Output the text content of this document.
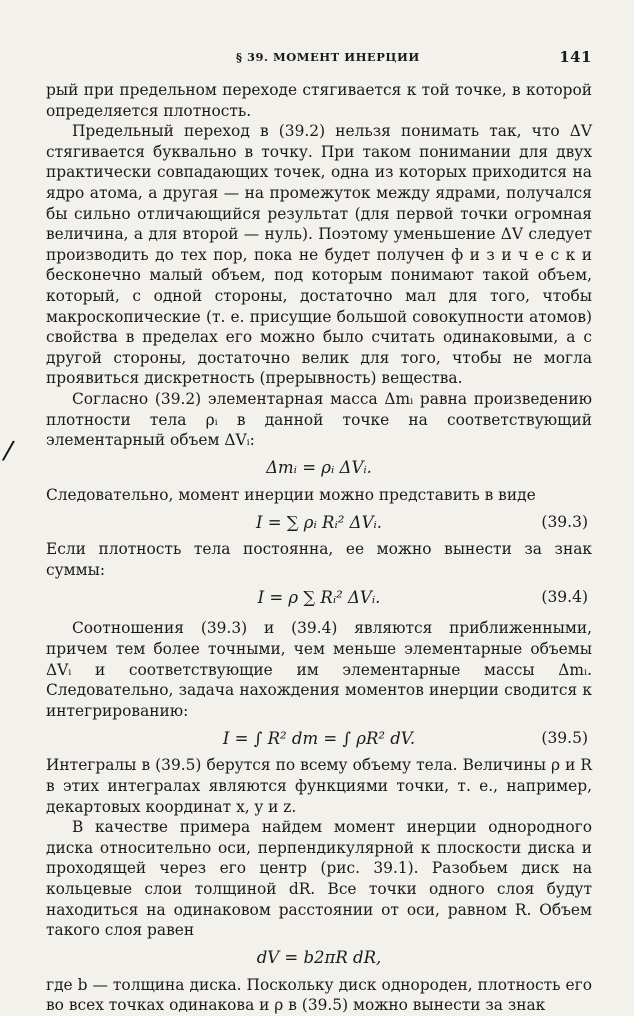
/
§ 39. МОМЕНТ ИНЕРЦИИ	141

рый при предельном переходе стягивается к той точке, в которой определяется плотность.

Предельный переход в (39.2) нельзя понимать так, что ΔV стягивается буквально в точку. При таком понимании для двух практически совпадающих точек, одна из которых приходится на ядро атома, а другая — на промежуток между ядрами, получался бы сильно отличающийся результат (для первой точки огромная величина, а для второй — нуль). Поэтому уменьшение ΔV следует производить до тех пор, пока не будет получен ф и з и ч е с к и бесконечно малый объем, под которым понимают такой объем, который, с одной стороны, достаточно мал для того, чтобы макроскопические (т. е. присущие большой совокупности атомов) свойства в пределах его можно было считать одинаковыми, а с другой стороны, достаточно велик для того, чтобы не могла проявиться дискретность (прерывность) вещества.

Согласно (39.2) элементарная масса Δmᵢ равна произведению плотности тела ρᵢ в данной точке на соответствующий элементарный объем ΔVᵢ:

Δmᵢ = ρᵢ ΔVᵢ.

Следовательно, момент инерции можно представить в виде

I = ∑ ρᵢ Rᵢ² ΔVᵢ.	(39.3)

Если плотность тела постоянна, ее можно вынести за знак суммы:

I = ρ ∑ Rᵢ² ΔVᵢ.	(39.4)

Соотношения (39.3) и (39.4) являются приближенными, причем тем более точными, чем меньше элементарные объемы ΔVᵢ и соответствующие им элементарные массы Δmᵢ. Следовательно, задача нахождения моментов инерции сводится к интегрированию:

I = ∫ R² dm = ∫ ρR² dV.	(39.5)

Интегралы в (39.5) берутся по всему объему тела. Величины ρ и R в этих интегралах являются функциями точки, т. е., например, декартовых координат x, y и z.

В качестве примера найдем момент инерции однородного диска относительно оси, перпендикулярной к плоскости диска и проходящей через его центр (рис. 39.1). Разобьем диск на кольцевые слои толщиной dR. Все точки одного слоя будут находиться на одинаковом расстоянии от оси, равном R. Объем такого слоя равен

dV = b2πR dR,

где b — толщина диска. Поскольку диск однороден, плотность его во всех точках одинакова и ρ в (39.5) можно вынести за знак
